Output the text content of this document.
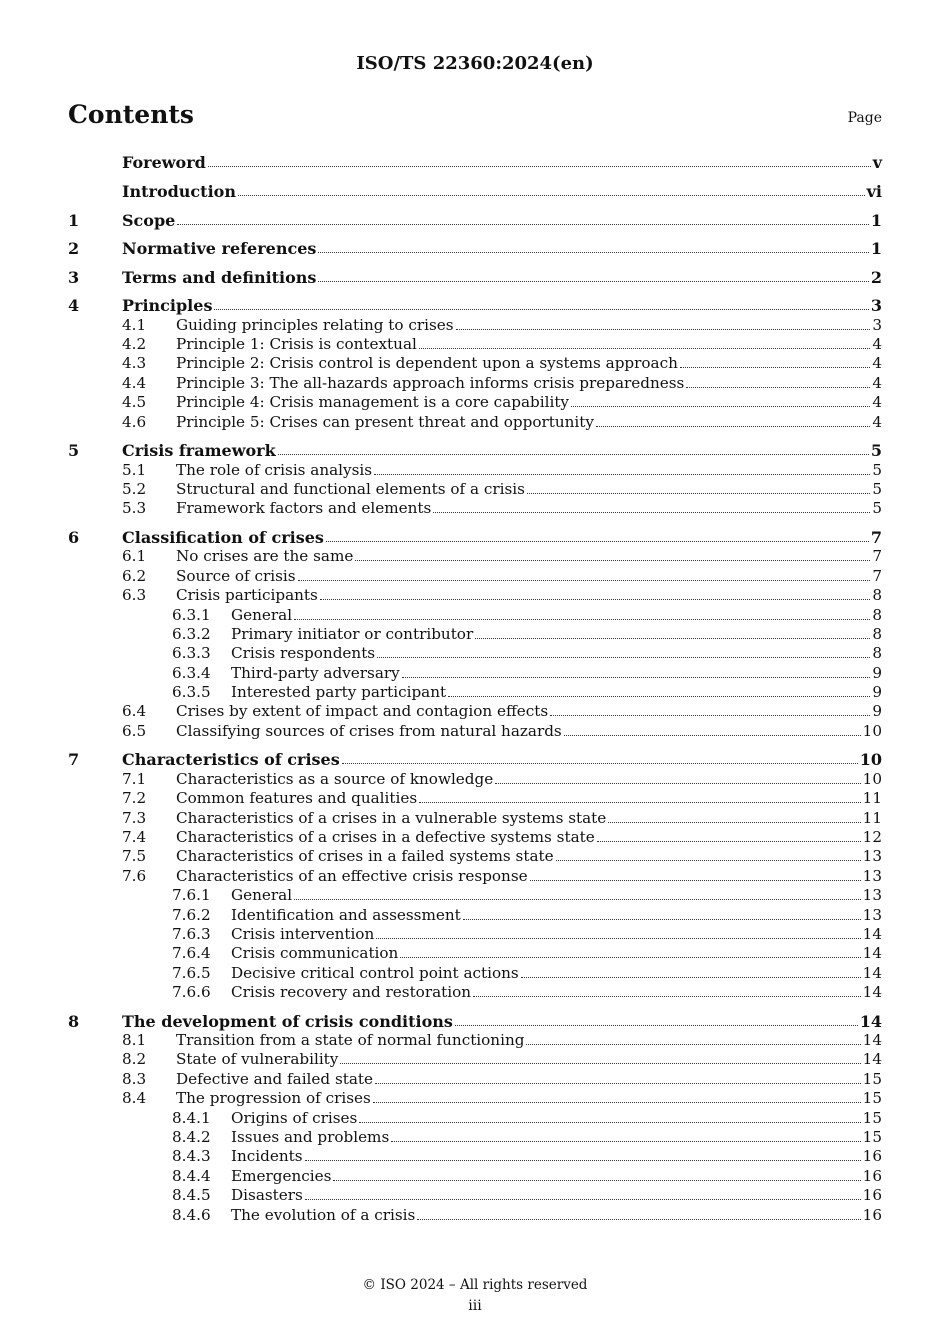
ISO/TS 22360:2024(en)
Contents	Page
Foreword	v
Introduction	vi
1	Scope	1
2	Normative references	1
3	Terms and definitions	2
4	Principles	3
4.1	Guiding principles relating to crises	3
4.2	Principle 1: Crisis is contextual	4
4.3	Principle 2: Crisis control is dependent upon a systems approach	4
4.4	Principle 3: The all-hazards approach informs crisis preparedness	4
4.5	Principle 4: Crisis management is a core capability	4
4.6	Principle 5: Crises can present threat and opportunity	4
5	Crisis framework	5
5.1	The role of crisis analysis	5
5.2	Structural and functional elements of a crisis	5
5.3	Framework factors and elements	5
6	Classification of crises	7
6.1	No crises are the same	7
6.2	Source of crisis	7
6.3	Crisis participants	8
6.3.1	General	8
6.3.2	Primary initiator or contributor	8
6.3.3	Crisis respondents	8
6.3.4	Third-party adversary	9
6.3.5	Interested party participant	9
6.4	Crises by extent of impact and contagion effects	9
6.5	Classifying sources of crises from natural hazards	10
7	Characteristics of crises	10
7.1	Characteristics as a source of knowledge	10
7.2	Common features and qualities	11
7.3	Characteristics of a crises in a vulnerable systems state	11
7.4	Characteristics of a crises in a defective systems state	12
7.5	Characteristics of crises in a failed systems state	13
7.6	Characteristics of an effective crisis response	13
7.6.1	General	13
7.6.2	Identification and assessment	13
7.6.3	Crisis intervention	14
7.6.4	Crisis communication	14
7.6.5	Decisive critical control point actions	14
7.6.6	Crisis recovery and restoration	14
8	The development of crisis conditions	14
8.1	Transition from a state of normal functioning	14
8.2	State of vulnerability	14
8.3	Defective and failed state	15
8.4	The progression of crises	15
8.4.1	Origins of crises	15
8.4.2	Issues and problems	15
8.4.3	Incidents	16
8.4.4	Emergencies	16
8.4.5	Disasters	16
8.4.6	The evolution of a crisis	16
© ISO 2024 – All rights reserved
iii
